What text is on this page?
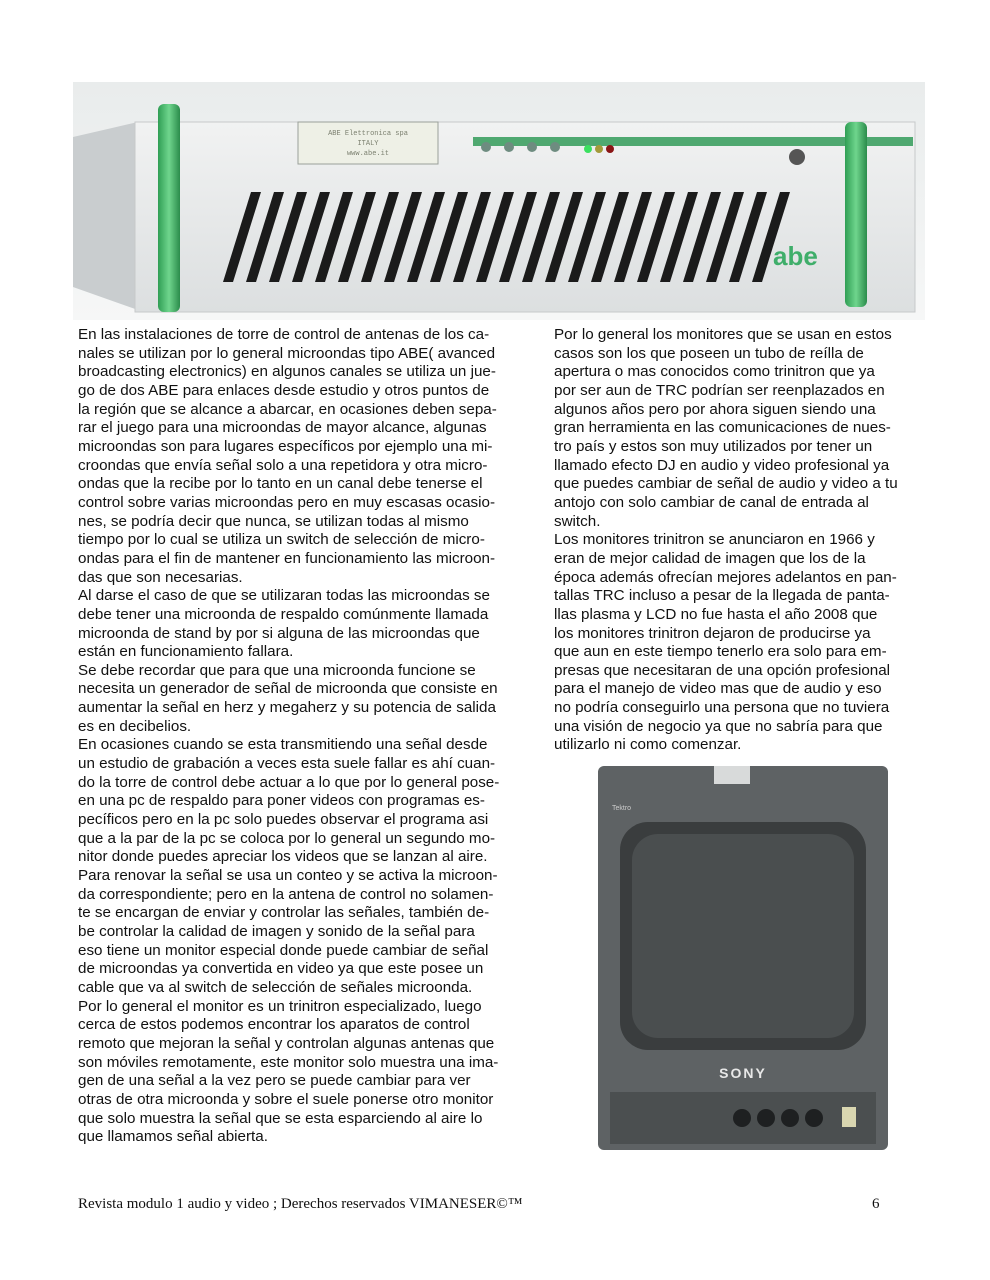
ABE Elettronica spa
ITALY
www.abe.it
abe
En las instalaciones de torre de control de antenas de los ca-
nales se utilizan por lo general microondas tipo ABE( avanced
broadcasting electronics) en algunos canales se utiliza un jue-
go de dos ABE para enlaces desde estudio y otros puntos de
la región que se alcance a abarcar, en ocasiones deben sepa-
rar el juego para una microondas de mayor alcance, algunas
microondas son para lugares específicos por ejemplo una mi-
croondas que envía señal solo a una repetidora y otra micro-
ondas que la recibe por lo tanto en un canal debe tenerse el
control sobre varias microondas pero en muy escasas ocasio-
nes, se podría decir que nunca, se utilizan todas al mismo
tiempo por lo cual se utiliza un switch de selección de micro-
ondas para el fin de mantener en funcionamiento las microon-
das que son necesarias.
Al darse el caso de que se utilizaran todas las microondas se
debe tener una microonda de respaldo comúnmente llamada
microonda de stand by por si alguna de las microondas que
están en funcionamiento fallara.
Se debe recordar que para que una microonda funcione se
necesita un generador de señal de microonda que consiste en
aumentar la señal en herz y megaherz y su potencia de salida
es en decibelios.
En ocasiones cuando se esta transmitiendo una señal desde
un estudio de grabación a veces esta suele fallar es ahí cuan-
do la torre de control debe actuar a lo que por lo general pose-
en una pc de respaldo para poner videos con programas es-
pecíficos pero en la pc solo puedes observar el programa asi
que a la par de la pc se coloca por lo general un segundo mo-
nitor donde puedes apreciar los videos que se lanzan al aire.
Para renovar la señal se usa un conteo y se activa la microon-
da correspondiente; pero en la antena de control no solamen-
te se encargan de enviar y controlar las señales, también de-
be controlar la calidad de imagen y sonido de la señal para
eso tiene un monitor especial donde puede cambiar de señal
de microondas ya convertida en video ya que este posee un
cable que va al switch de selección de señales microonda.
Por lo general el monitor es un trinitron especializado, luego
cerca de estos podemos encontrar los aparatos de control
remoto que mejoran la señal y controlan algunas antenas que
son móviles remotamente, este monitor solo muestra una ima-
gen de una señal a la vez pero se puede cambiar para ver
otras de otra microonda y sobre el suele ponerse otro monitor
que solo muestra la señal que se esta esparciendo al aire lo
que llamamos señal abierta.
Por lo general los monitores que se usan en estos
casos son los que poseen un tubo de reílla de
apertura o mas conocidos como trinitron que ya
por ser aun de TRC podrían ser reenplazados en
algunos años pero por ahora siguen siendo una
gran herramienta en las comunicaciones de nues-
tro país y estos son muy utilizados por tener un
llamado efecto DJ en audio y video profesional ya
que puedes cambiar de señal de audio y video a tu
antojo con solo cambiar de canal de entrada al
switch.
Los monitores trinitron se anunciaron en 1966 y
eran de mejor calidad de imagen que los de la
época además ofrecían mejores adelantos en pan-
tallas TRC incluso a pesar de la llegada de panta-
llas plasma y LCD no fue hasta el año 2008 que
los monitores trinitron dejaron de producirse ya
que aun en este tiempo tenerlo era solo para em-
presas que necesitaran de una opción profesional
para el manejo de video mas que de audio y eso
no podría conseguirlo una persona que no tuviera
una visión de negocio ya que no sabría para que
utilizarlo ni como comenzar.
Tektro
SONY
Revista modulo 1 audio y video ; Derechos reservados VIMANESER©™	6
